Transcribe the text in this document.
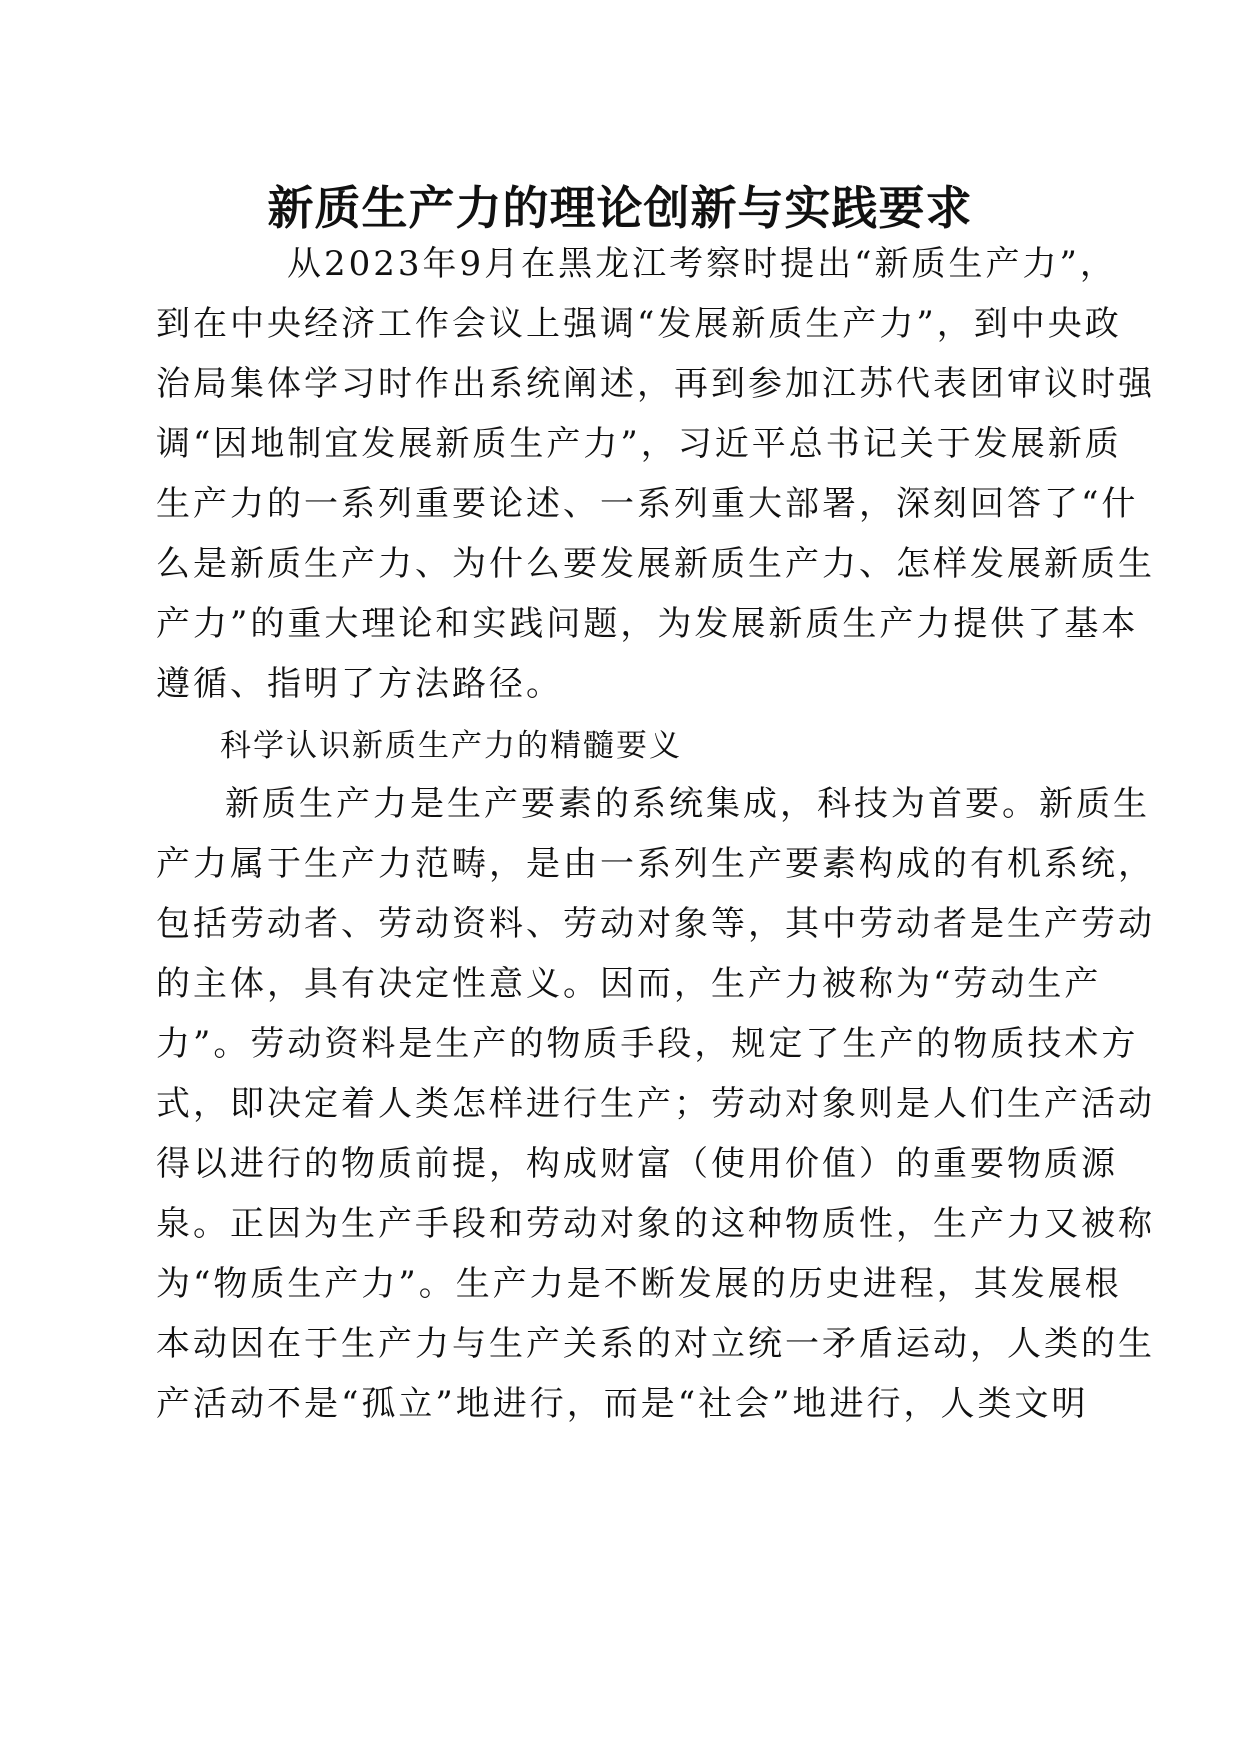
新质生产力的理论创新与实践要求
从2023年9月在黑龙江考察时提出“新质生产力”，
到在中央经济工作会议上强调“发展新质生产力”，到中央政
治局集体学习时作出系统阐述，再到参加江苏代表团审议时强
调“因地制宜发展新质生产力”，习近平总书记关于发展新质
生产力的一系列重要论述、一系列重大部署，深刻回答了“什
么是新质生产力、为什么要发展新质生产力、怎样发展新质生
产力”的重大理论和实践问题，为发展新质生产力提供了基本
遵循、指明了方法路径。
科学认识新质生产力的精髓要义
新质生产力是生产要素的系统集成，科技为首要。新质生
产力属于生产力范畴，是由一系列生产要素构成的有机系统，
包括劳动者、劳动资料、劳动对象等，其中劳动者是生产劳动
的主体，具有决定性意义。因而，生产力被称为“劳动生产
力”。劳动资料是生产的物质手段，规定了生产的物质技术方
式，即决定着人类怎样进行生产；劳动对象则是人们生产活动
得以进行的物质前提，构成财富（使用价值）的重要物质源
泉。正因为生产手段和劳动对象的这种物质性，生产力又被称
为“物质生产力”。生产力是不断发展的历史进程，其发展根
本动因在于生产力与生产关系的对立统一矛盾运动，人类的生
产活动不是“孤立”地进行，而是“社会”地进行，人类文明
